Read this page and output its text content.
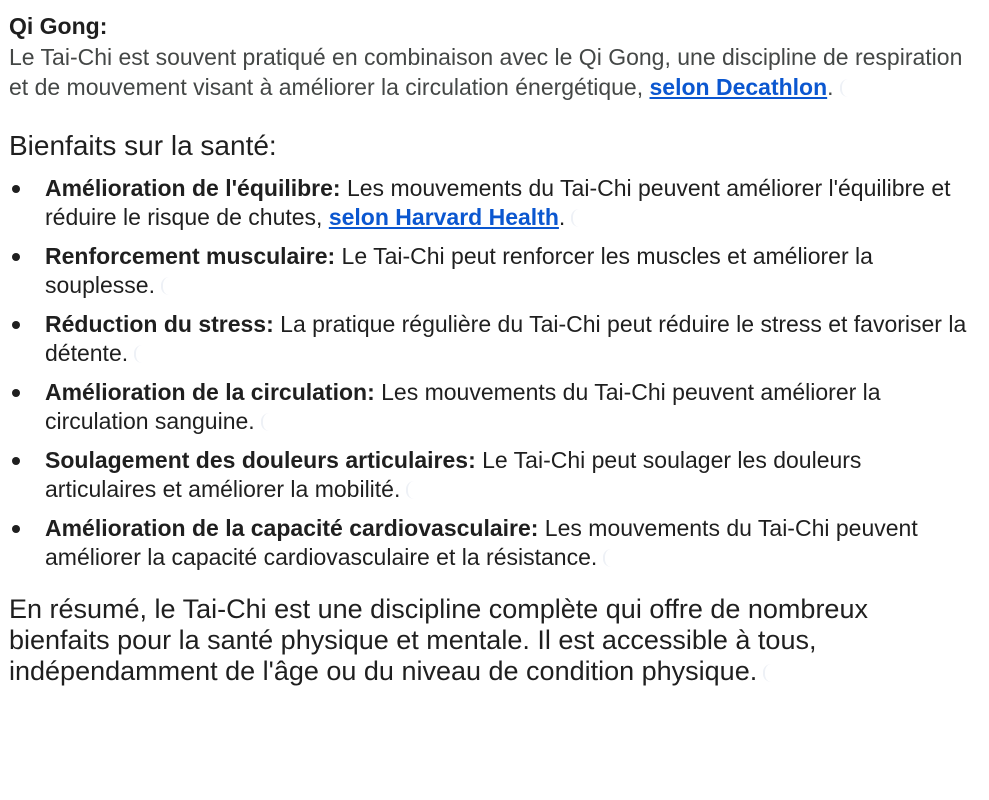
Qi Gong:
Le Tai-Chi est souvent pratiqué en combinaison avec le Qi Gong, une discipline de respiration et de mouvement visant à améliorer la circulation énergétique, selon Decathlon.
Bienfaits sur la santé:
Amélioration de l'équilibre: Les mouvements du Tai-Chi peuvent améliorer l'équilibre et réduire le risque de chutes, selon Harvard Health.
Renforcement musculaire: Le Tai-Chi peut renforcer les muscles et améliorer la souplesse.
Réduction du stress: La pratique régulière du Tai-Chi peut réduire le stress et favoriser la détente.
Amélioration de la circulation: Les mouvements du Tai-Chi peuvent améliorer la circulation sanguine.
Soulagement des douleurs articulaires: Le Tai-Chi peut soulager les douleurs articulaires et améliorer la mobilité.
Amélioration de la capacité cardiovasculaire: Les mouvements du Tai-Chi peuvent améliorer la capacité cardiovasculaire et la résistance.
En résumé, le Tai-Chi est une discipline complète qui offre de nombreux bienfaits pour la santé physique et mentale. Il est accessible à tous, indépendamment de l'âge ou du niveau de condition physique.
